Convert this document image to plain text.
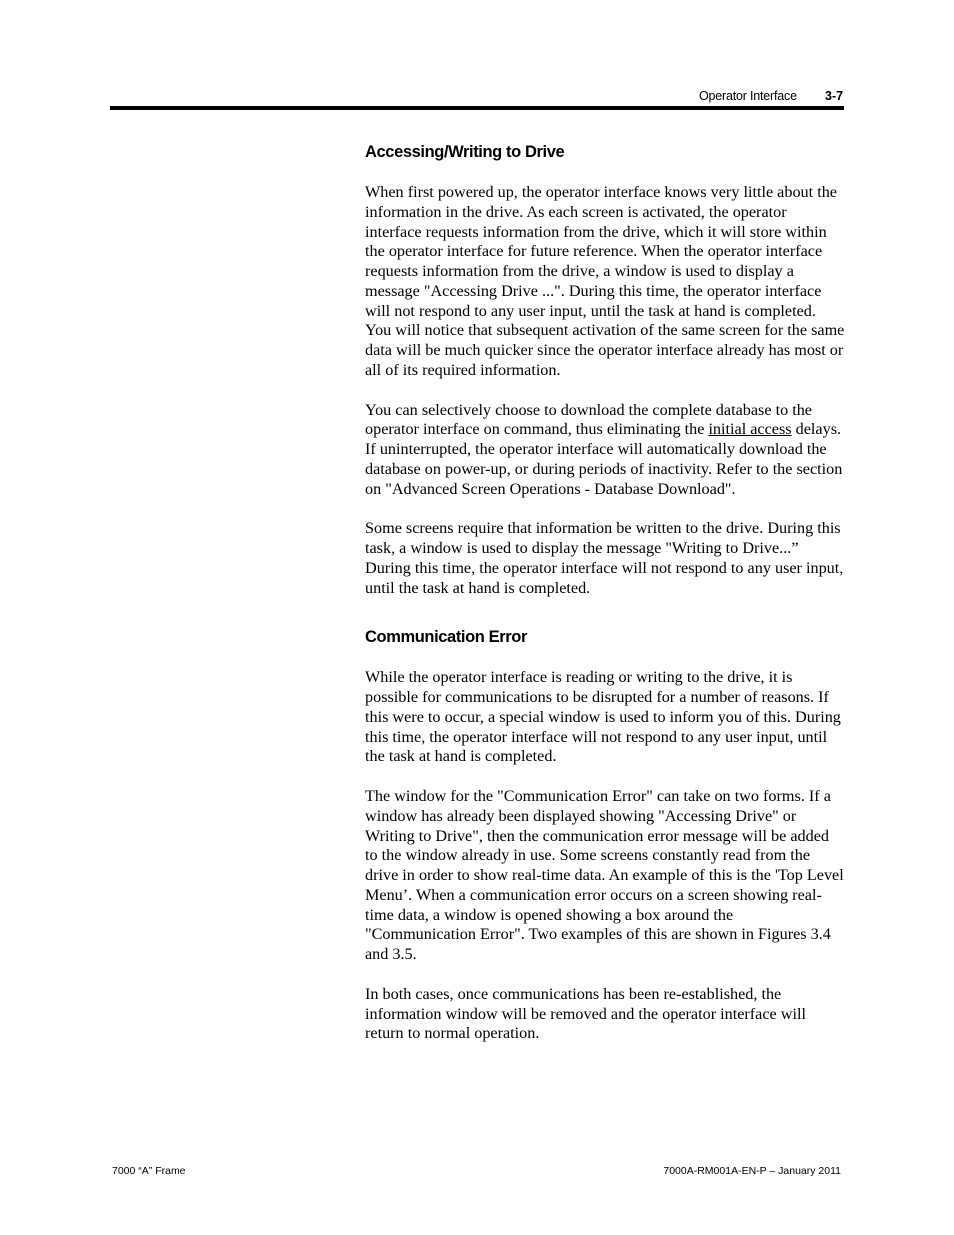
Operator Interface 3-7
Accessing/Writing to Drive

When first powered up, the operator interface knows very little about the information in the drive. As each screen is activated, the operator interface requests information from the drive, which it will store within the operator interface for future reference. When the operator interface requests information from the drive, a window is used to display a message "Accessing Drive ...". During this time, the operator interface will not respond to any user input, until the task at hand is completed. You will notice that subsequent activation of the same screen for the same data will be much quicker since the operator interface already has most or all of its required information.

You can selectively choose to download the complete database to the operator interface on command, thus eliminating the initial access delays. If uninterrupted, the operator interface will automatically download the database on power-up, or during periods of inactivity. Refer to the section on "Advanced Screen Operations - Database Download".

Some screens require that information be written to the drive. During this task, a window is used to display the message "Writing to Drive...” During this time, the operator interface will not respond to any user input, until the task at hand is completed.

Communication Error

While the operator interface is reading or writing to the drive, it is possible for communications to be disrupted for a number of reasons. If this were to occur, a special window is used to inform you of this. During this time, the operator interface will not respond to any user input, until the task at hand is completed.

The window for the "Communication Error" can take on two forms. If a window has already been displayed showing "Accessing Drive" or Writing to Drive", then the communication error message will be added to the window already in use. Some screens constantly read from the drive in order to show real-time data. An example of this is the 'Top Level Menu’. When a communication error occurs on a screen showing real-time data, a window is opened showing a box around the "Communication Error". Two examples of this are shown in Figures 3.4 and 3.5.

In both cases, once communications has been re-established, the information window will be removed and the operator interface will return to normal operation.

7000 “A” Frame	7000A-RM001A-EN-P – January 2011
